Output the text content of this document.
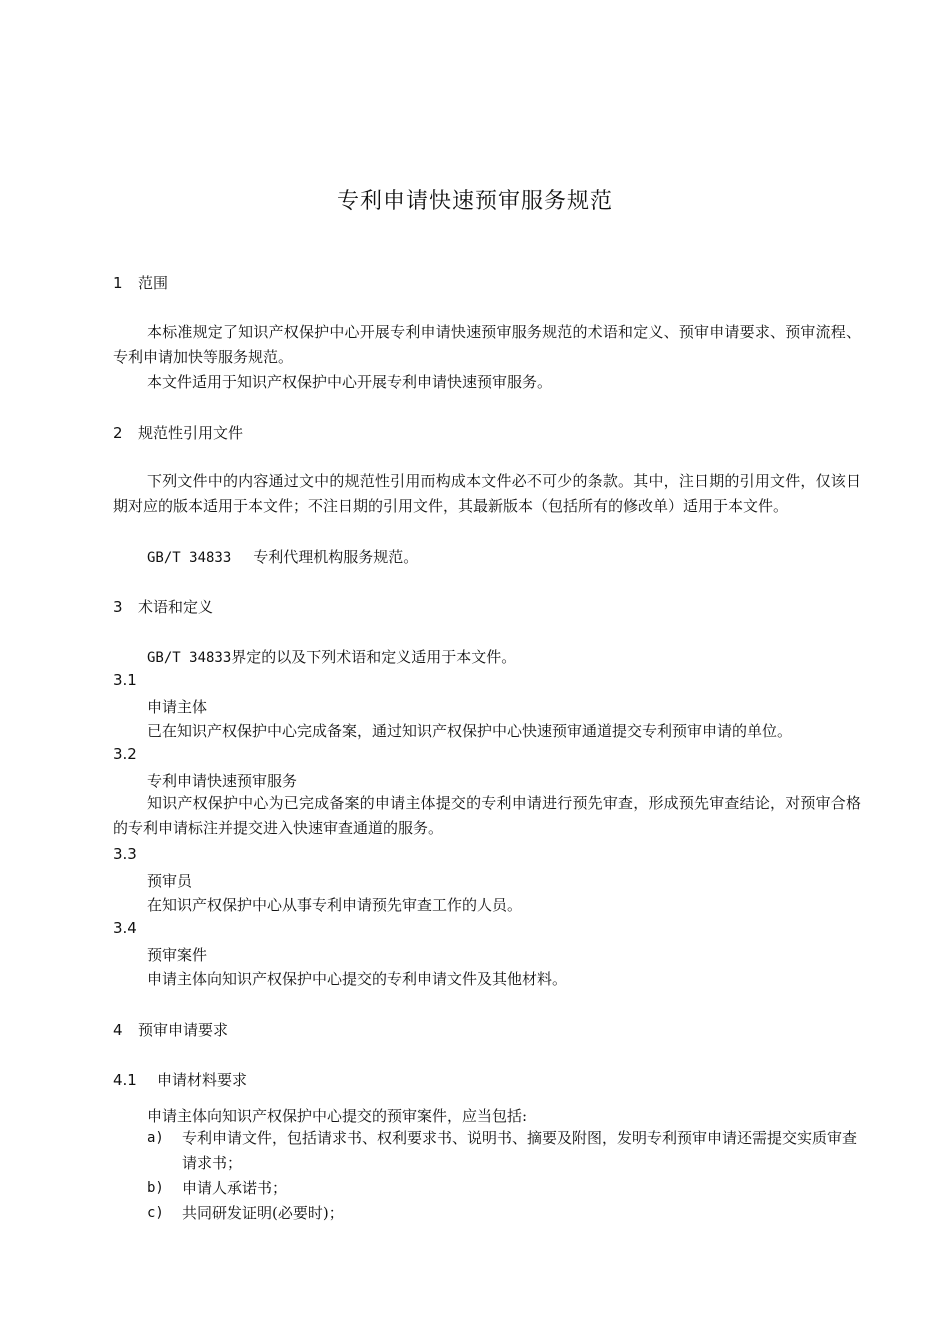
专利申请快速预审服务规范
1 范围
本标准规定了知识产权保护中心开展专利申请快速预审服务规范的术语和定义、预审申请要求、预审流程、专利申请加快等服务规范。
本文件适用于知识产权保护中心开展专利申请快速预审服务。
2 规范性引用文件
下列文件中的内容通过文中的规范性引用而构成本文件必不可少的条款。其中，注日期的引用文件，仅该日期对应的版本适用于本文件；不注日期的引用文件，其最新版本（包括所有的修改单）适用于本文件。
GB/T 34833 专利代理机构服务规范。
3 术语和定义
GB/T 34833界定的以及下列术语和定义适用于本文件。
3.1
申请主体
已在知识产权保护中心完成备案，通过知识产权保护中心快速预审通道提交专利预审申请的单位。
3.2
专利申请快速预审服务
知识产权保护中心为已完成备案的申请主体提交的专利申请进行预先审查，形成预先审查结论，对预审合格的专利申请标注并提交进入快速审查通道的服务。
3.3
预审员
在知识产权保护中心从事专利申请预先审查工作的人员。
3.4
预审案件
申请主体向知识产权保护中心提交的专利申请文件及其他材料。
4 预审申请要求
4.1 申请材料要求
申请主体向知识产权保护中心提交的预审案件，应当包括:
a) 专利申请文件，包括请求书、权利要求书、说明书、摘要及附图，发明专利预审申请还需提交实质审查请求书；
b) 申请人承诺书；
c) 共同研发证明(必要时)；
